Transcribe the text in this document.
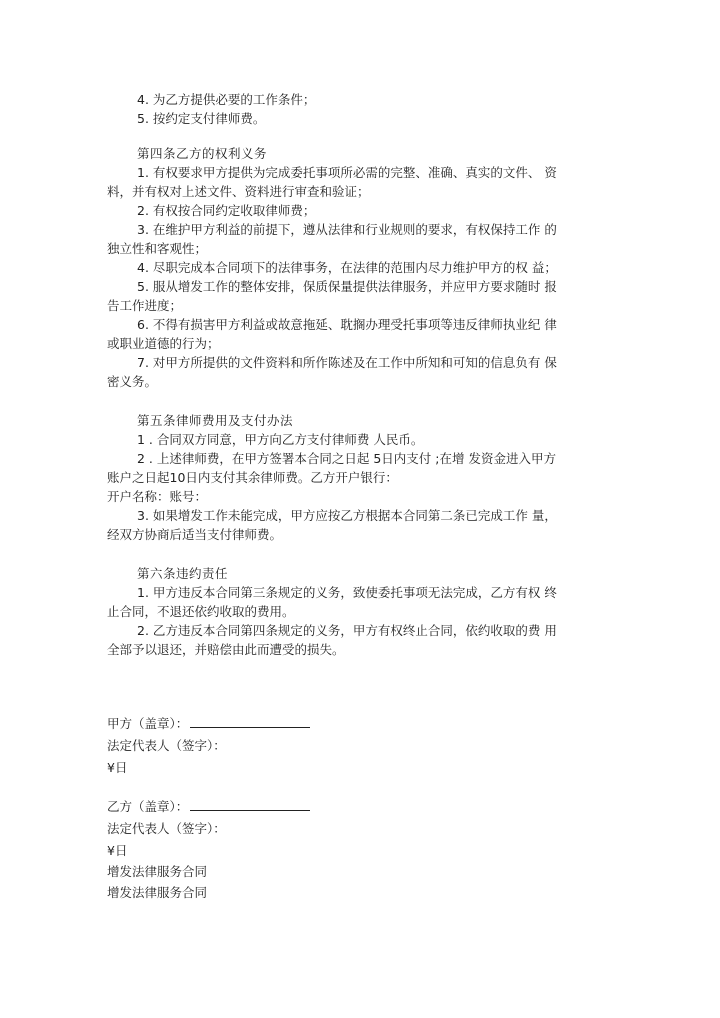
4. 为乙方提供必要的工作条件；
5. 按约定支付律师费。
第四条乙方的权利义务
1. 有权要求甲方提供为完成委托事项所必需的完整、准确、真实的文件、 资
料，并有权对上述文件、资料进行审查和验证；
2. 有权按合同约定收取律师费；
3. 在维护甲方利益的前提下，遵从法律和行业规则的要求，有权保持工作 的
独立性和客观性；
4. 尽职完成本合同项下的法律事务，在法律的范围内尽力维护甲方的权 益；
5. 服从增发工作的整体安排，保质保量提供法律服务，并应甲方要求随时 报
告工作进度；
6. 不得有损害甲方利益或故意拖延、耽搁办理受托事项等违反律师执业纪 律
或职业道德的行为；
7. 对甲方所提供的文件资料和所作陈述及在工作中所知和可知的信息负有 保
密义务。
第五条律师费用及支付办法
1 . 合同双方同意，甲方向乙方支付律师费 人民币。
2 . 上述律师费，在甲方签署本合同之日起 5日内支付 ;在增 发资金进入甲方
账户之日起10日内支付其余律师费。乙方开户银行：
开户名称：账号：
3. 如果增发工作未能完成，甲方应按乙方根据本合同第二条已完成工作 量，
经双方协商后适当支付律师费。
第六条违约责任
1. 甲方违反本合同第三条规定的义务，致使委托事项无法完成，乙方有权 终
止合同，不退还依约收取的费用。
2. 乙方违反本合同第四条规定的义务，甲方有权终止合同，依约收取的费 用
全部予以退还，并赔偿由此而遭受的损失。
甲方（盖章）：
法定代表人（签字）：
¥日
乙方（盖章）：
法定代表人（签字）：
¥日
增发法律服务合同
增发法律服务合同
